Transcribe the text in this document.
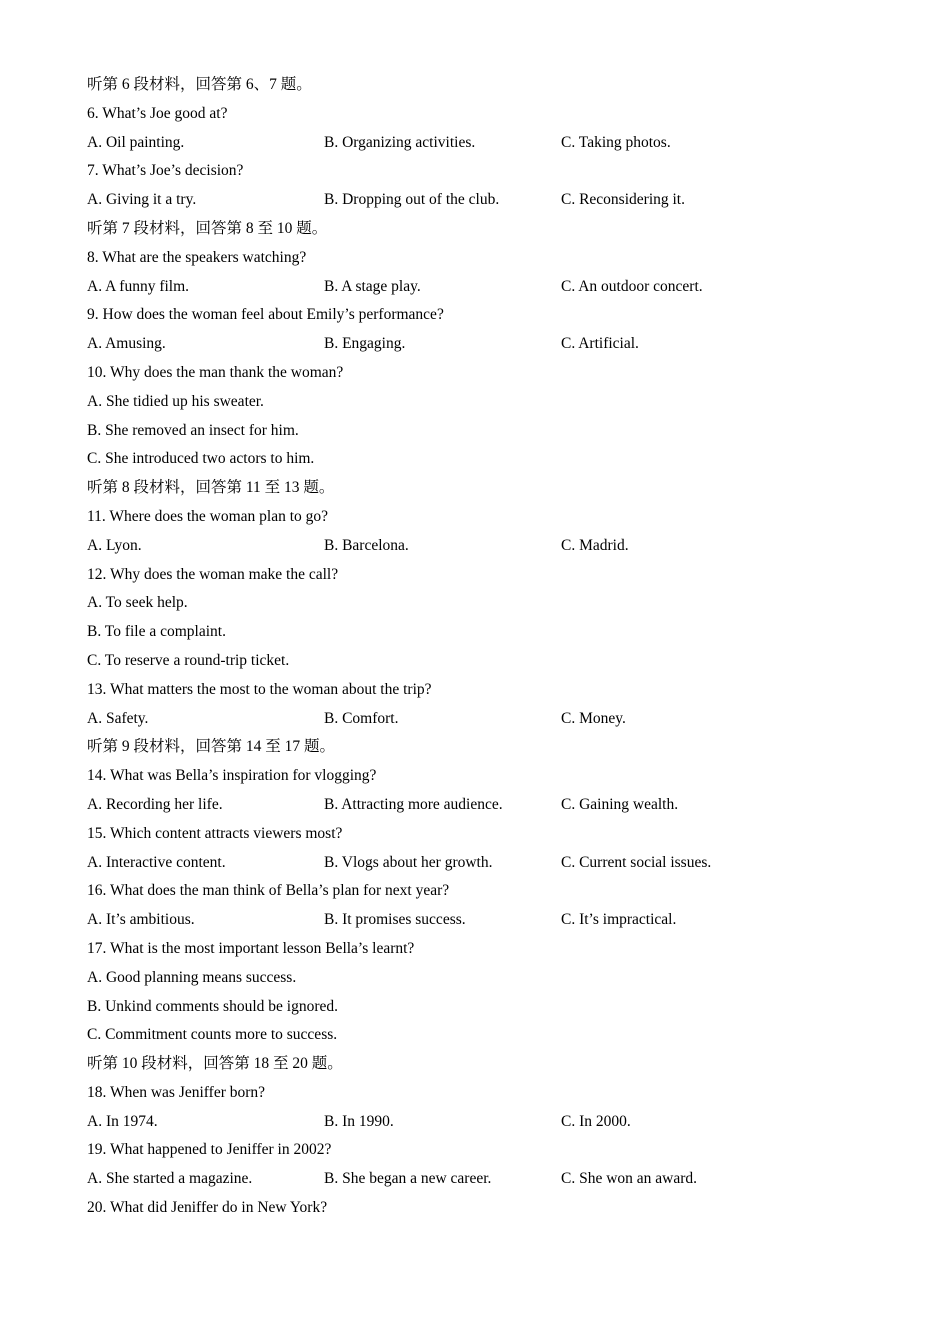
听第 6 段材料，回答第 6、7 题。
6. What’s Joe good at?
A. Oil painting.	B. Organizing activities.	C. Taking photos.
7. What’s Joe’s decision?
A. Giving it a try.	B. Dropping out of the club.	C. Reconsidering it.
听第 7 段材料，回答第 8 至 10 题。
8. What are the speakers watching?
A. A funny film.	B. A stage play.	C. An outdoor concert.
9. How does the woman feel about Emily’s performance?
A. Amusing.	B. Engaging.	C. Artificial.
10. Why does the man thank the woman?
A. She tidied up his sweater.
B. She removed an insect for him.
C. She introduced two actors to him.
听第 8 段材料，回答第 11 至 13 题。
11. Where does the woman plan to go?
A. Lyon.	B. Barcelona.	C. Madrid.
12. Why does the woman make the call?
A. To seek help.
B. To file a complaint.
C. To reserve a round-trip ticket.
13. What matters the most to the woman about the trip?
A. Safety.	B. Comfort.	C. Money.
听第 9 段材料，回答第 14 至 17 题。
14. What was Bella’s inspiration for vlogging?
A. Recording her life.	B. Attracting more audience.	C. Gaining wealth.
15. Which content attracts viewers most?
A. Interactive content.	B. Vlogs about her growth.	C. Current social issues.
16. What does the man think of Bella’s plan for next year?
A. It’s ambitious.	B. It promises success.	C. It’s impractical.
17. What is the most important lesson Bella’s learnt?
A. Good planning means success.
B. Unkind comments should be ignored.
C. Commitment counts more to success.
听第 10 段材料，回答第 18 至 20 题。
18. When was Jeniffer born?
A. In 1974.	B. In 1990.	C. In 2000.
19. What happened to Jeniffer in 2002?
A. She started a magazine.	B. She began a new career.	C. She won an award.
20. What did Jeniffer do in New York?
